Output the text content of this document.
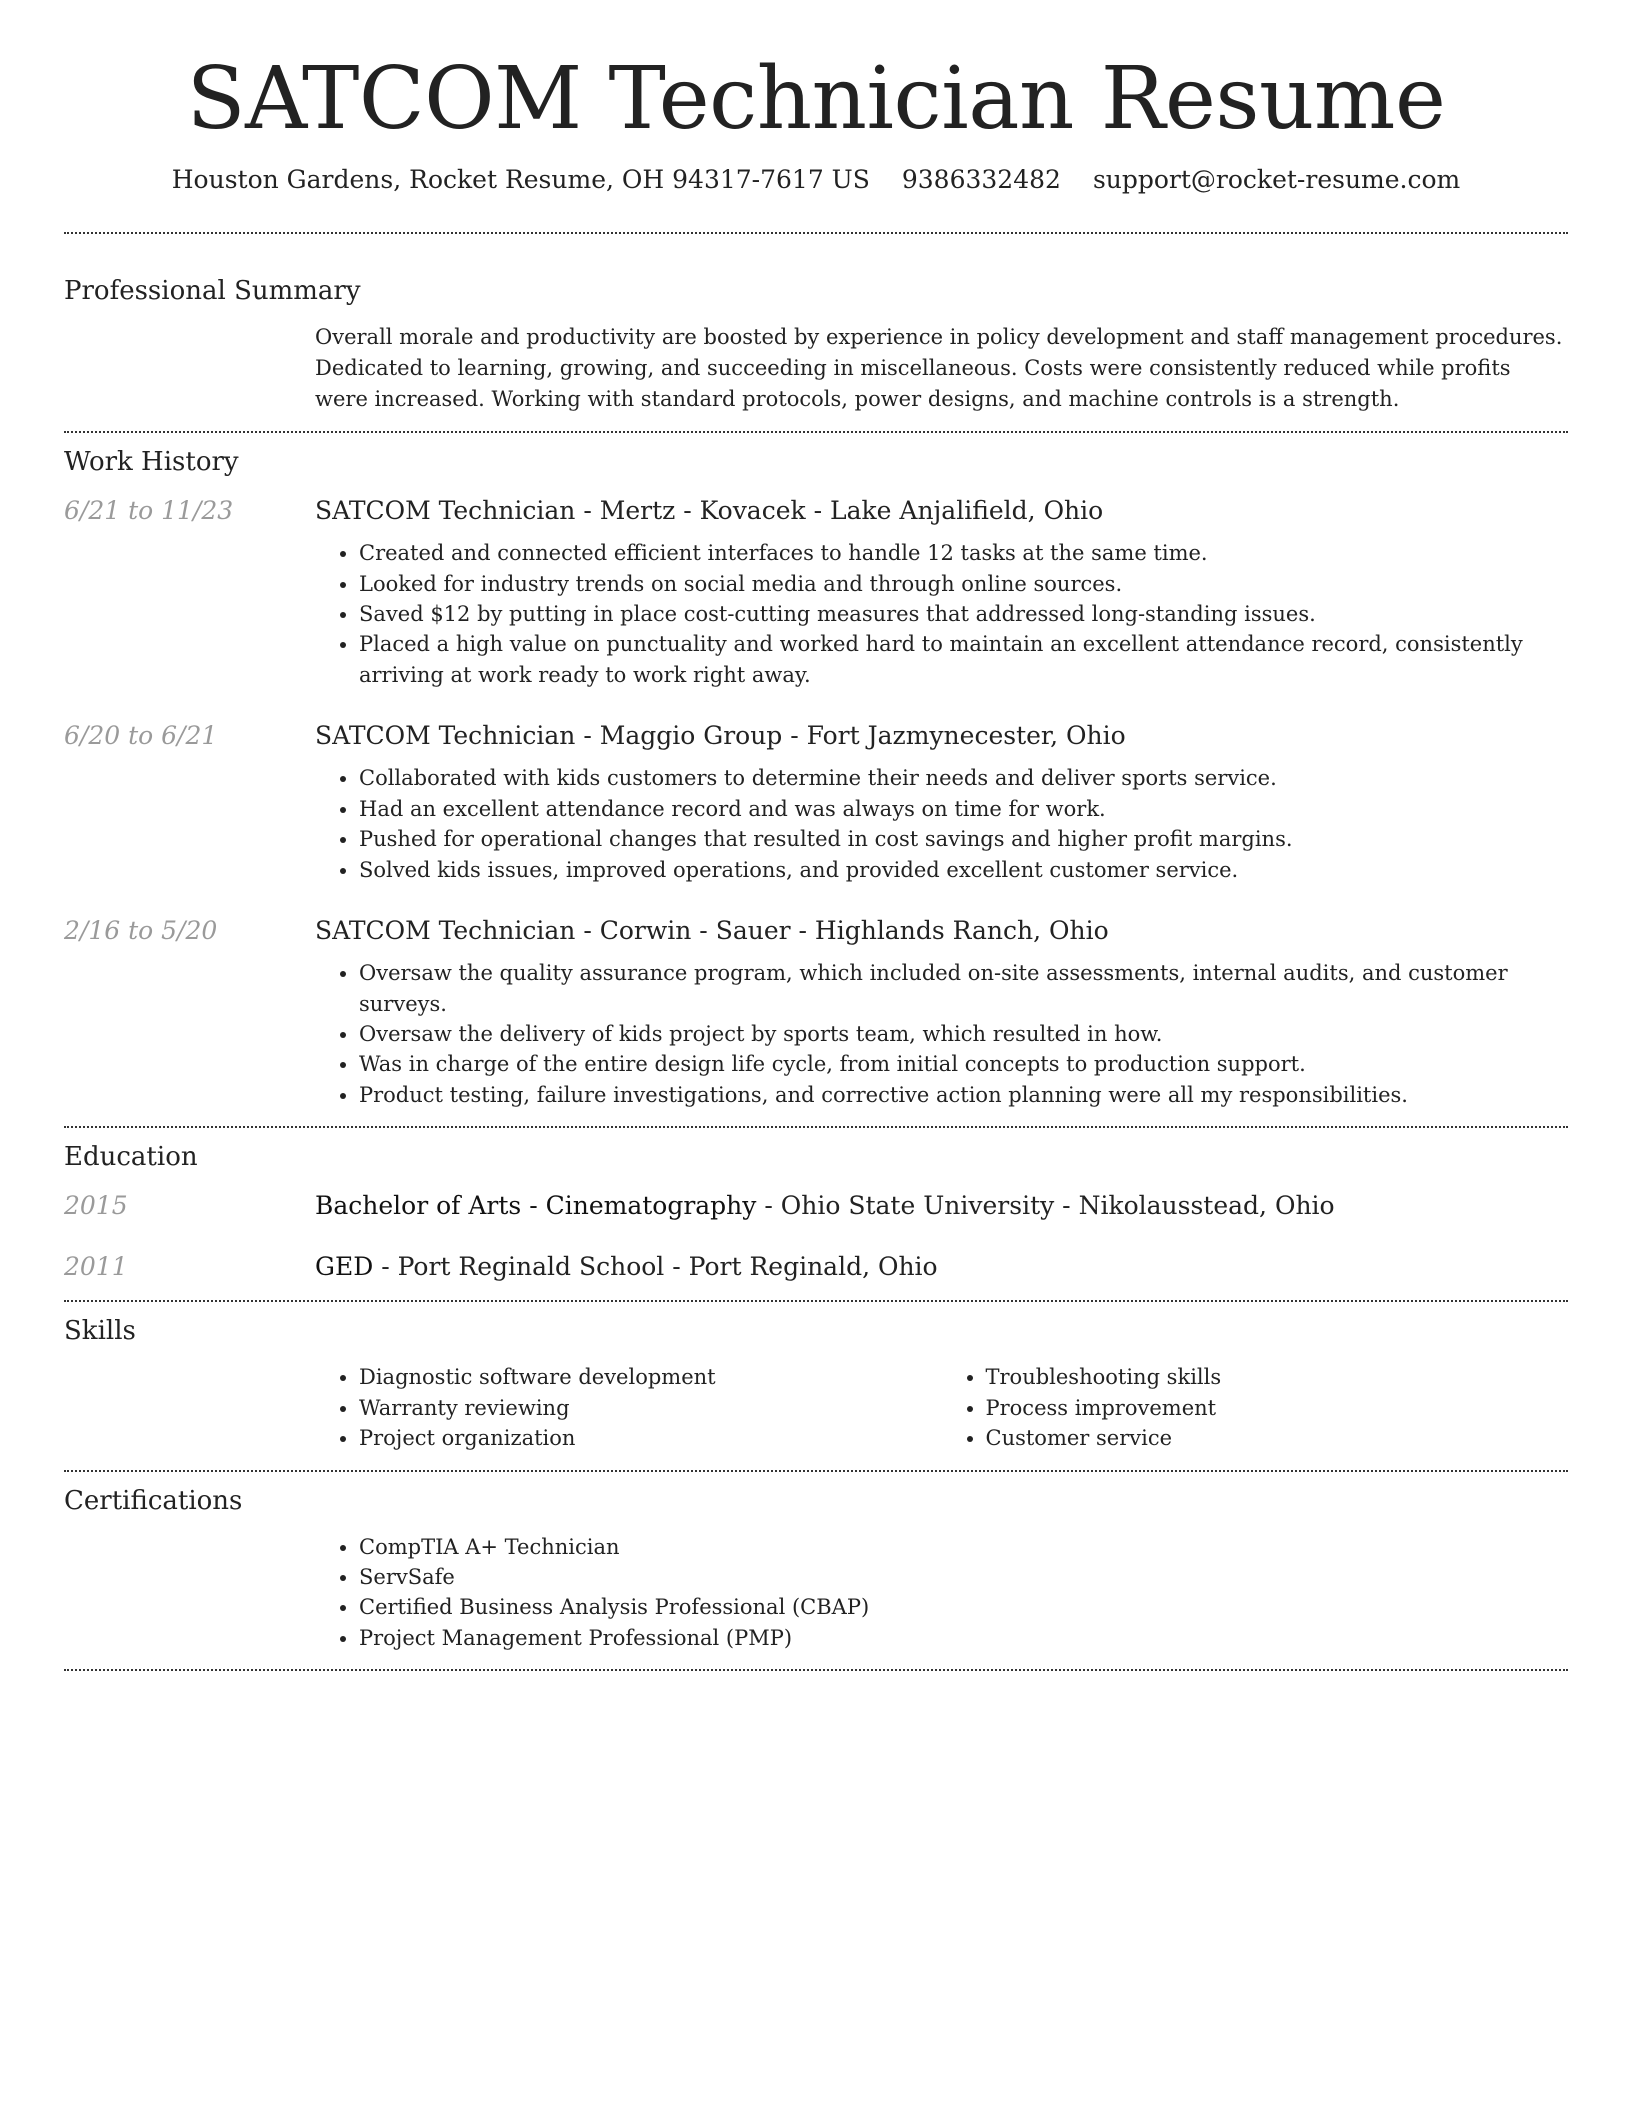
SATCOM Technician Resume
Houston Gardens, Rocket Resume, OH 94317-7617 US 9386332482 support@rocket-resume.com
Professional Summary

Overall morale and productivity are boosted by experience in policy development and staff management procedures. Dedicated to learning, growing, and succeeding in miscellaneous. Costs were consistently reduced while profits were increased. Working with standard protocols, power designs, and machine controls is a strength.

Work History
6/21 to 11/23	SATCOM Technician - Mertz - Kovacek - Lake Anjalifield, Ohio
• Created and connected efficient interfaces to handle 12 tasks at the same time.
• Looked for industry trends on social media and through online sources.
• Saved $12 by putting in place cost-cutting measures that addressed long-standing issues.
• Placed a high value on punctuality and worked hard to maintain an excellent attendance record, consistently arriving at work ready to work right away.
6/20 to 6/21	SATCOM Technician - Maggio Group - Fort Jazmynecester, Ohio
• Collaborated with kids customers to determine their needs and deliver sports service.
• Had an excellent attendance record and was always on time for work.
• Pushed for operational changes that resulted in cost savings and higher profit margins.
• Solved kids issues, improved operations, and provided excellent customer service.
2/16 to 5/20	SATCOM Technician - Corwin - Sauer - Highlands Ranch, Ohio
• Oversaw the quality assurance program, which included on-site assessments, internal audits, and customer surveys.
• Oversaw the delivery of kids project by sports team, which resulted in how.
• Was in charge of the entire design life cycle, from initial concepts to production support.
• Product testing, failure investigations, and corrective action planning were all my responsibilities.
Education
2015	Bachelor of Arts - Cinematography - Ohio State University - Nikolausstead, Ohio
2011	GED - Port Reginald School - Port Reginald, Ohio
Skills
• Diagnostic software development
• Warranty reviewing
• Project organization
• Troubleshooting skills
• Process improvement
• Customer service
Certifications
• CompTIA A+ Technician
• ServSafe
• Certified Business Analysis Professional (CBAP)
• Project Management Professional (PMP)
